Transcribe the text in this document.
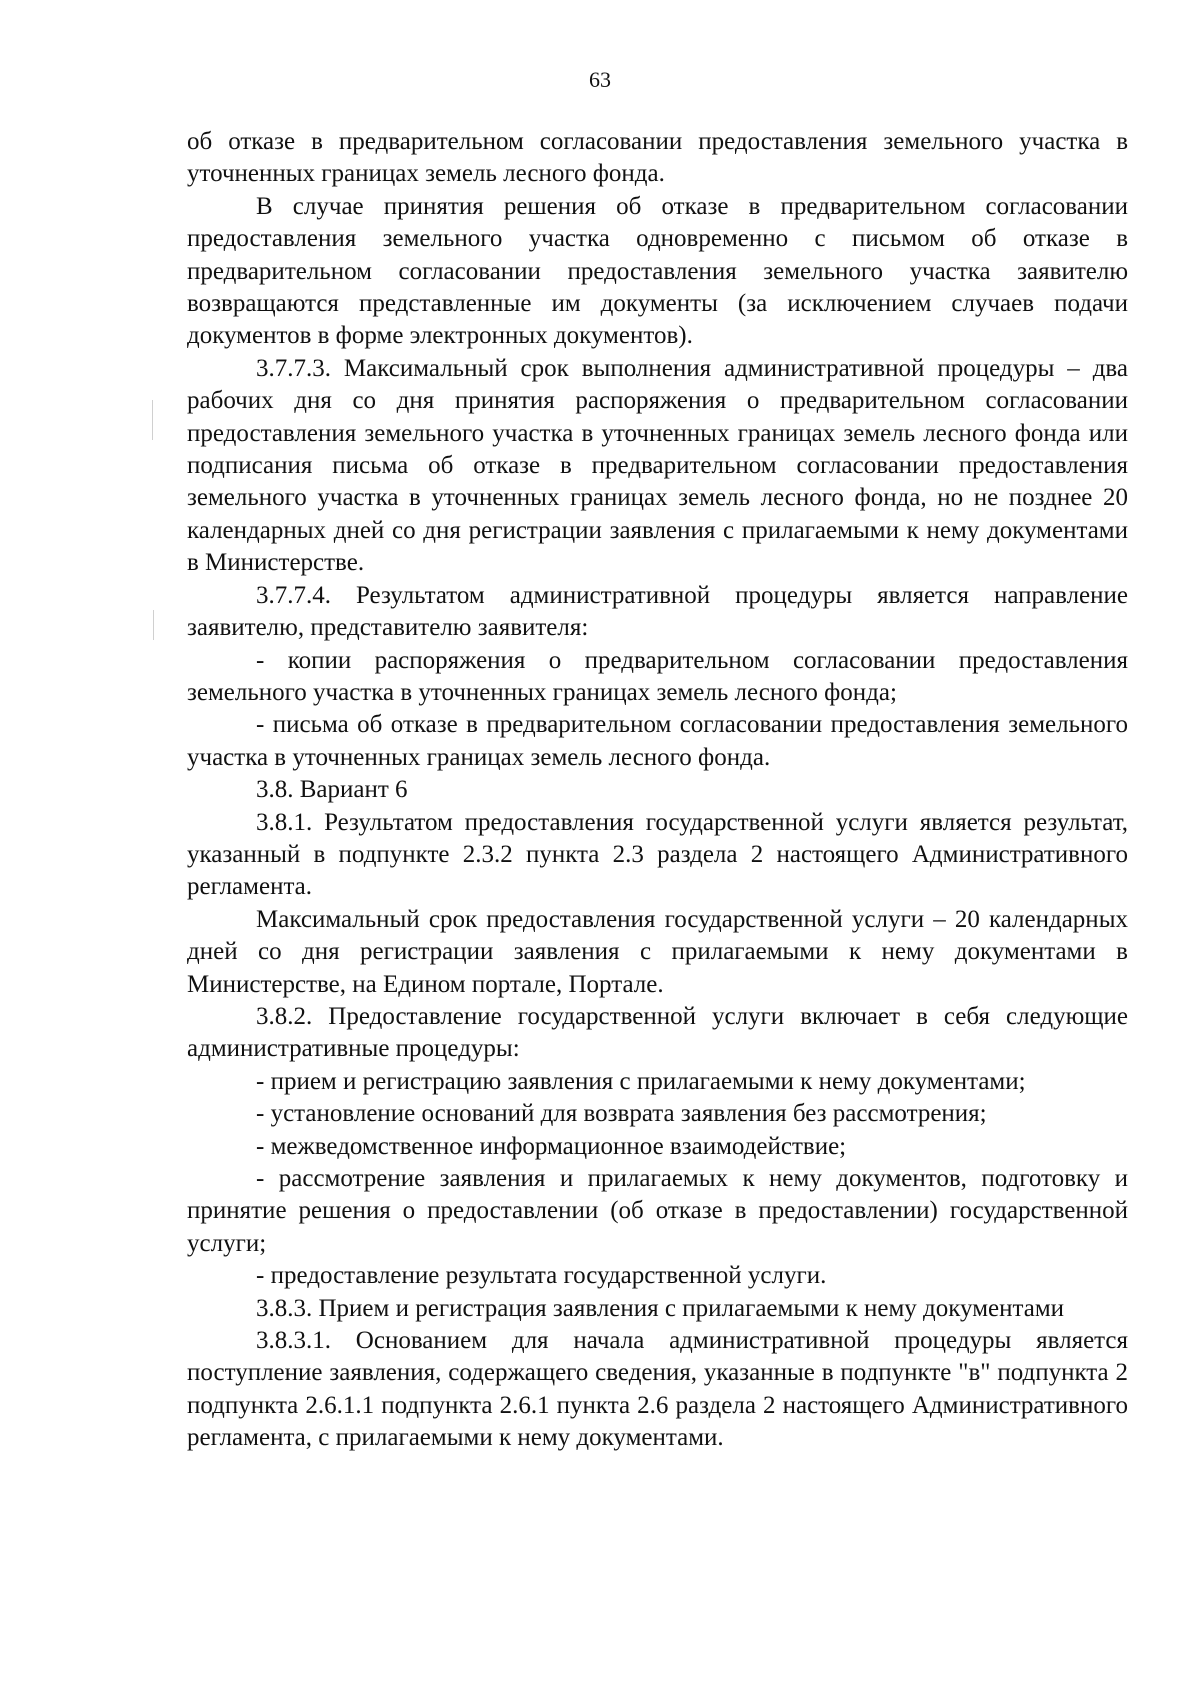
63

об отказе в предварительном согласовании предоставления земельного участка в уточненных границах земель лесного фонда.

В случае принятия решения об отказе в предварительном согласовании предоставления земельного участка одновременно с письмом об отказе в предварительном согласовании предоставления земельного участка заявителю возвращаются представленные им документы (за исключением случаев подачи документов в форме электронных документов).

3.7.7.3. Максимальный срок выполнения административной процедуры – два рабочих дня со дня принятия распоряжения о предварительном согласовании предоставления земельного участка в уточненных границах земель лесного фонда или подписания письма об отказе в предварительном согласовании предоставления земельного участка в уточненных границах земель лесного фонда, но не позднее 20 календарных дней со дня регистрации заявления с прилагаемыми к нему документами в Министерстве.

3.7.7.4. Результатом административной процедуры является направление заявителю, представителю заявителя:

- копии распоряжения о предварительном согласовании предоставления земельного участка в уточненных границах земель лесного фонда;

- письма об отказе в предварительном согласовании предоставления земельного участка в уточненных границах земель лесного фонда.

3.8. Вариант 6

3.8.1. Результатом предоставления государственной услуги является результат, указанный в подпункте 2.3.2 пункта 2.3 раздела 2 настоящего Административного регламента.

Максимальный срок предоставления государственной услуги – 20 календарных дней со дня регистрации заявления с прилагаемыми к нему документами в Министерстве, на Едином портале, Портале.

3.8.2. Предоставление государственной услуги включает в себя следующие административные процедуры:

- прием и регистрацию заявления с прилагаемыми к нему документами;

- установление оснований для возврата заявления без рассмотрения;

- межведомственное информационное взаимодействие;

- рассмотрение заявления и прилагаемых к нему документов, подготовку и принятие решения о предоставлении (об отказе в предоставлении) государственной услуги;

- предоставление результата государственной услуги.

3.8.3. Прием и регистрация заявления с прилагаемыми к нему документами

3.8.3.1. Основанием для начала административной процедуры является поступление заявления, содержащего сведения, указанные в подпункте "в" подпункта 2 подпункта 2.6.1.1 подпункта 2.6.1 пункта 2.6 раздела 2 настоящего Административного регламента, с прилагаемыми к нему документами.
